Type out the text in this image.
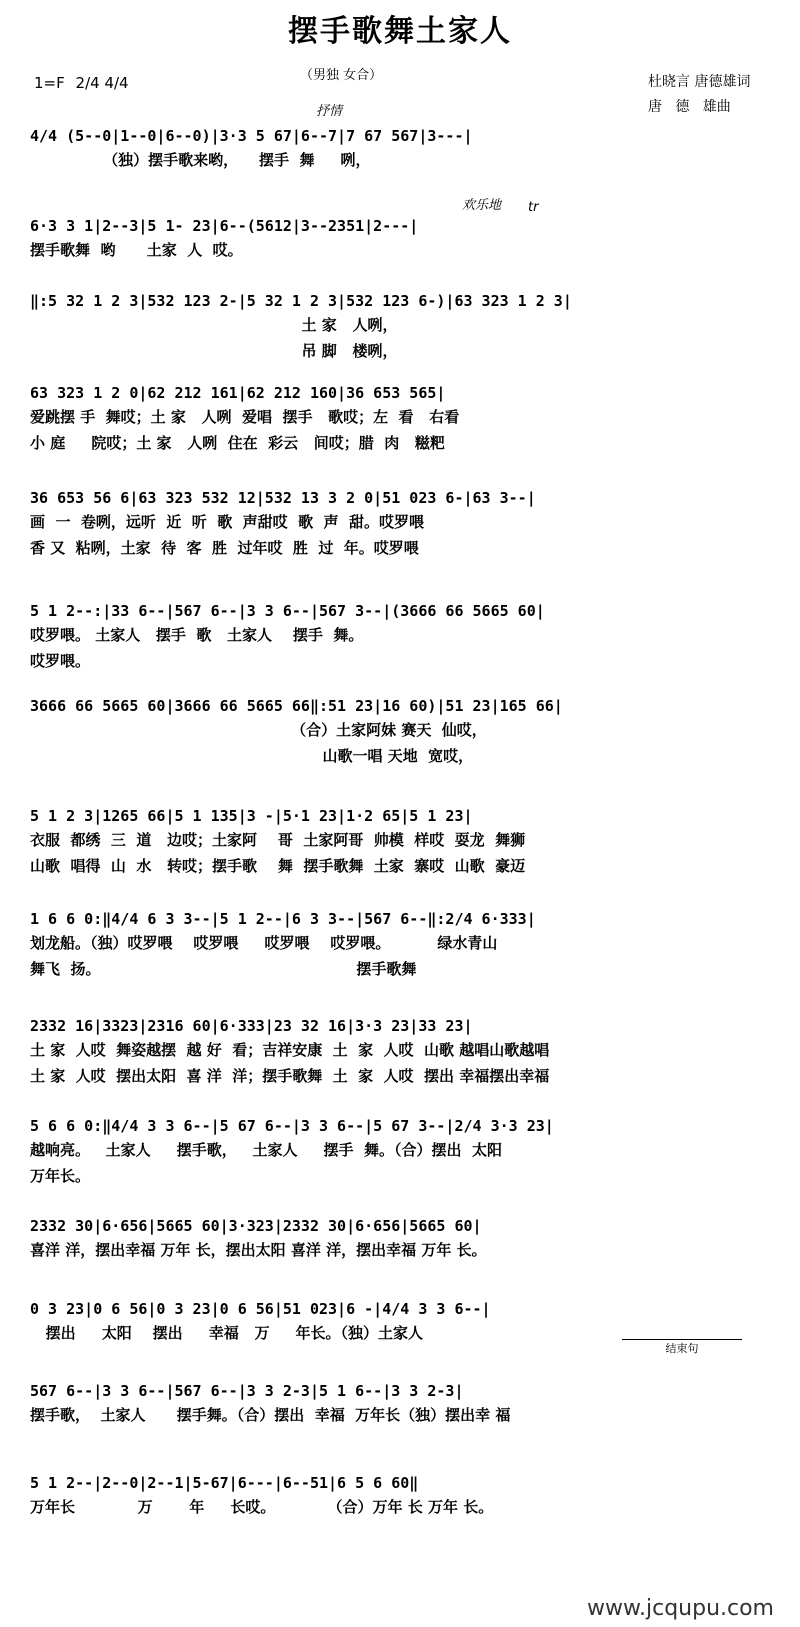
摆手歌舞土家人
（男独 女合）
1=F 2/4 4/4	杜晓言 唐德雄词
唐   德   雄曲
抒情
欢乐地 tr
结束句
4/4 (5--0|1--0|6--0)|3·3 5 67|6--7|7 67 567|3---|
（独）摆手歌来哟，    摆手  舞     咧，
6·3 3 1|2--3|5 1- 23|6--(5612|3--2351|2---|
摆手歌舞  哟      土家  人  哎。
‖:5 32 1 2 3|532 123 2-|5 32 1 2 3|532 123 6-)|63 323 1 2 3|
土 家   人咧，
吊 脚   楼咧，
63 323 1 2 0|62 212 161|62 212 160|36 653 565|
爱跳摆 手  舞哎；土 家   人咧  爱唱  摆手   歌哎；左  看   右看
小 庭     院哎；土 家   人咧  住在  彩云   间哎；腊  肉   糍粑
36 653 56 6|63 323 532 12|532 13 3 2 0|51 023 6-|63 3--|
画  一  卷咧，远听  近  听  歌  声甜哎  歌  声  甜。哎罗喂
香 又  粘咧，土家  待  客  胜  过年哎  胜  过  年。哎罗喂
5 1 2--:|33 6--|567 6--|3 3 6--|567 3--|(3666 66 5665 60|
哎罗喂。 土家人   摆手  歌   土家人    摆手  舞。
哎罗喂。
3666 66 5665 60|3666 66 5665 66‖:51 23|16 60)|51 23|165 66|
（合）土家阿妹 赛天  仙哎，
山歌一唱 天地  宽哎，
5 1 2 3|1265 66|5 1 135|3 -|5·1 23|1·2 65|5 1 23|
衣服  都绣  三  道   边哎；土家阿    哥  土家阿哥  帅模  样哎  耍龙  舞狮
山歌  唱得  山  水   转哎；摆手歌    舞  摆手歌舞  土家  寨哎  山歌  豪迈
1 6 6 0:‖4/4 6 3 3--|5 1 2--|6 3 3--|567 6--‖:2/4 6·333|
划龙船。（独）哎罗喂    哎罗喂     哎罗喂    哎罗喂。         绿水青山
舞飞  扬。                                                 摆手歌舞
2332 16|3323|2316 60|6·333|23 32 16|3·3 23|33 23|
土 家  人哎  舞姿越摆  越 好  看；吉祥安康  土  家  人哎  山歌 越唱山歌越唱
土 家  人哎  摆出太阳  喜 洋  洋；摆手歌舞  土  家  人哎  摆出 幸福摆出幸福
5 6 6 0:‖4/4 3 3 6--|5 67 6--|3 3 6--|5 67 3--|2/4 3·3 23|
越响亮。   土家人     摆手歌，   土家人     摆手  舞。（合）摆出  太阳
万年长。
2332 30|6·656|5665 60|3·323|2332 30|6·656|5665 60|
喜洋 洋，摆出幸福 万年 长，摆出太阳 喜洋 洋，摆出幸福 万年 长。
0 3 23|0 6 56|0 3 23|0 6 56|51 023|6 -|4/4 3 3 6--|
摆出     太阳    摆出     幸福   万     年长。（独）土家人
567 6--|3 3 6--|567 6--|3 3 2-3|5 1 6--|3 3 2-3|
摆手歌，  土家人      摆手舞。（合）摆出  幸福  万年长（独）摆出幸 福
5 1 2--|2--0|2--1|5-67|6---|6--51|6 5 6 60‖
万年长            万       年     长哎。          （合）万年 长 万年 长。
www.jcqupu.com
